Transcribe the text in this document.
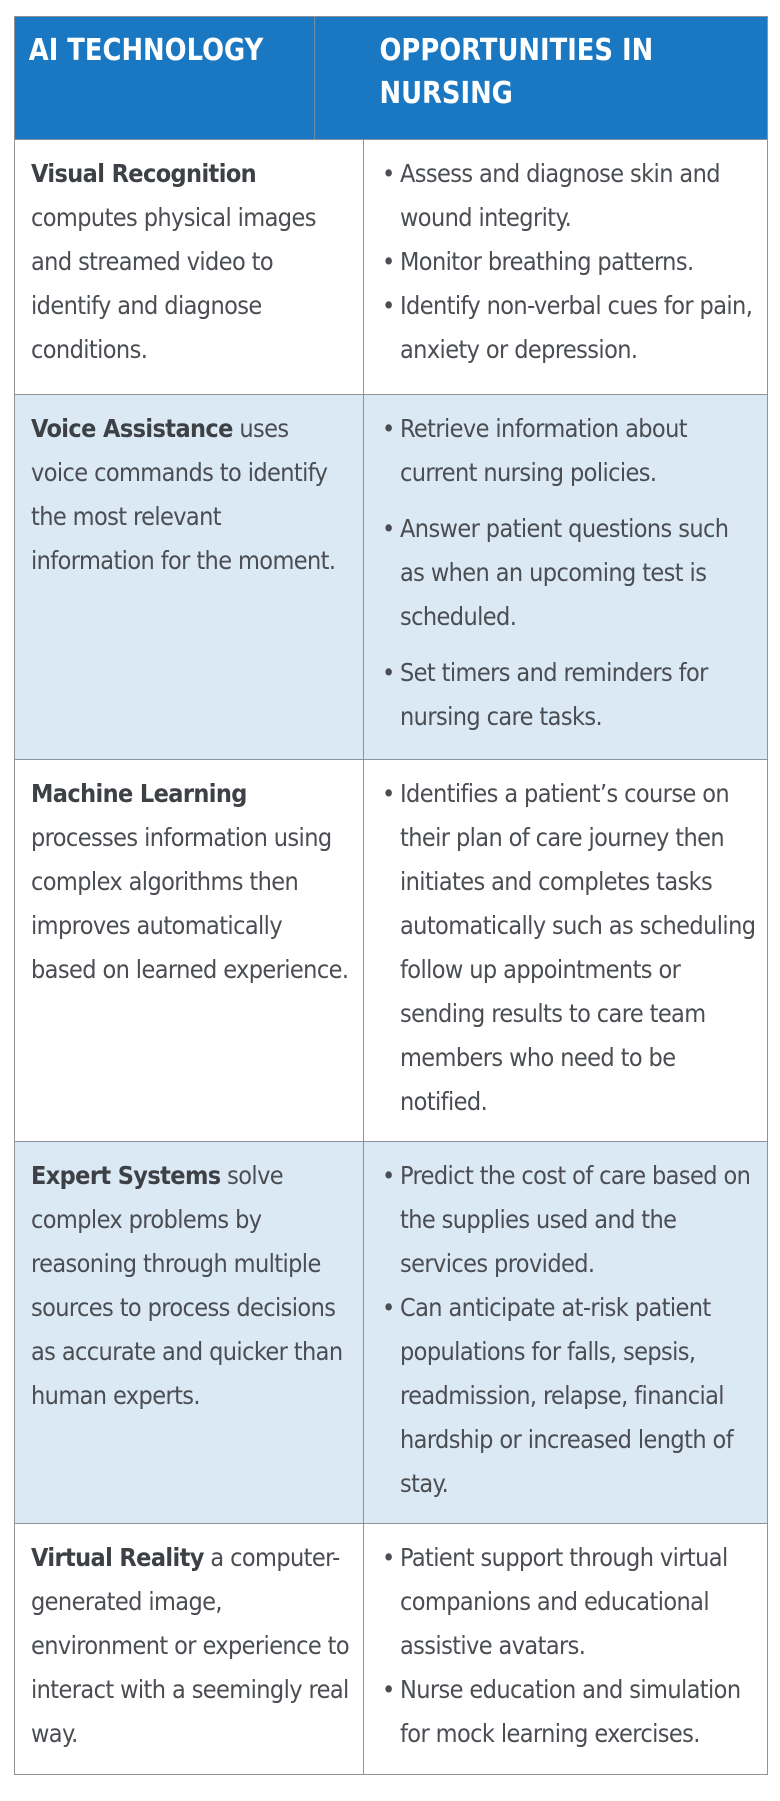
AI TECHNOLOGY	OPPORTUNITIES IN
NURSING
Visual Recognition
computes physical images and streamed video to identify and diagnose conditions.
• Assess and diagnose skin and wound integrity.
• Monitor breathing patterns.
• Identify non-verbal cues for pain, anxiety or depression.
Voice Assistance uses voice commands to identify the most relevant information for the moment.
• Retrieve information about current nursing policies.
• Answer patient questions such as when an upcoming test is scheduled.
• Set timers and reminders for nursing care tasks.
Machine Learning
processes information using complex algorithms then improves automatically based on learned experience.
• Identifies a patient’s course on their plan of care journey then initiates and completes tasks automatically such as scheduling follow up appointments or sending results to care team members who need to be notified.
Expert Systems solve complex problems by reasoning through multiple sources to process decisions as accurate and quicker than human experts.
• Predict the cost of care based on the supplies used and the services provided.
• Can anticipate at-risk patient populations for falls, sepsis, readmission, relapse, financial hardship or increased length of stay.
Virtual Reality a computer-generated image, environment or experience to interact with a seemingly real way.
• Patient support through virtual companions and educational assistive avatars.
• Nurse education and simulation for mock learning exercises.
